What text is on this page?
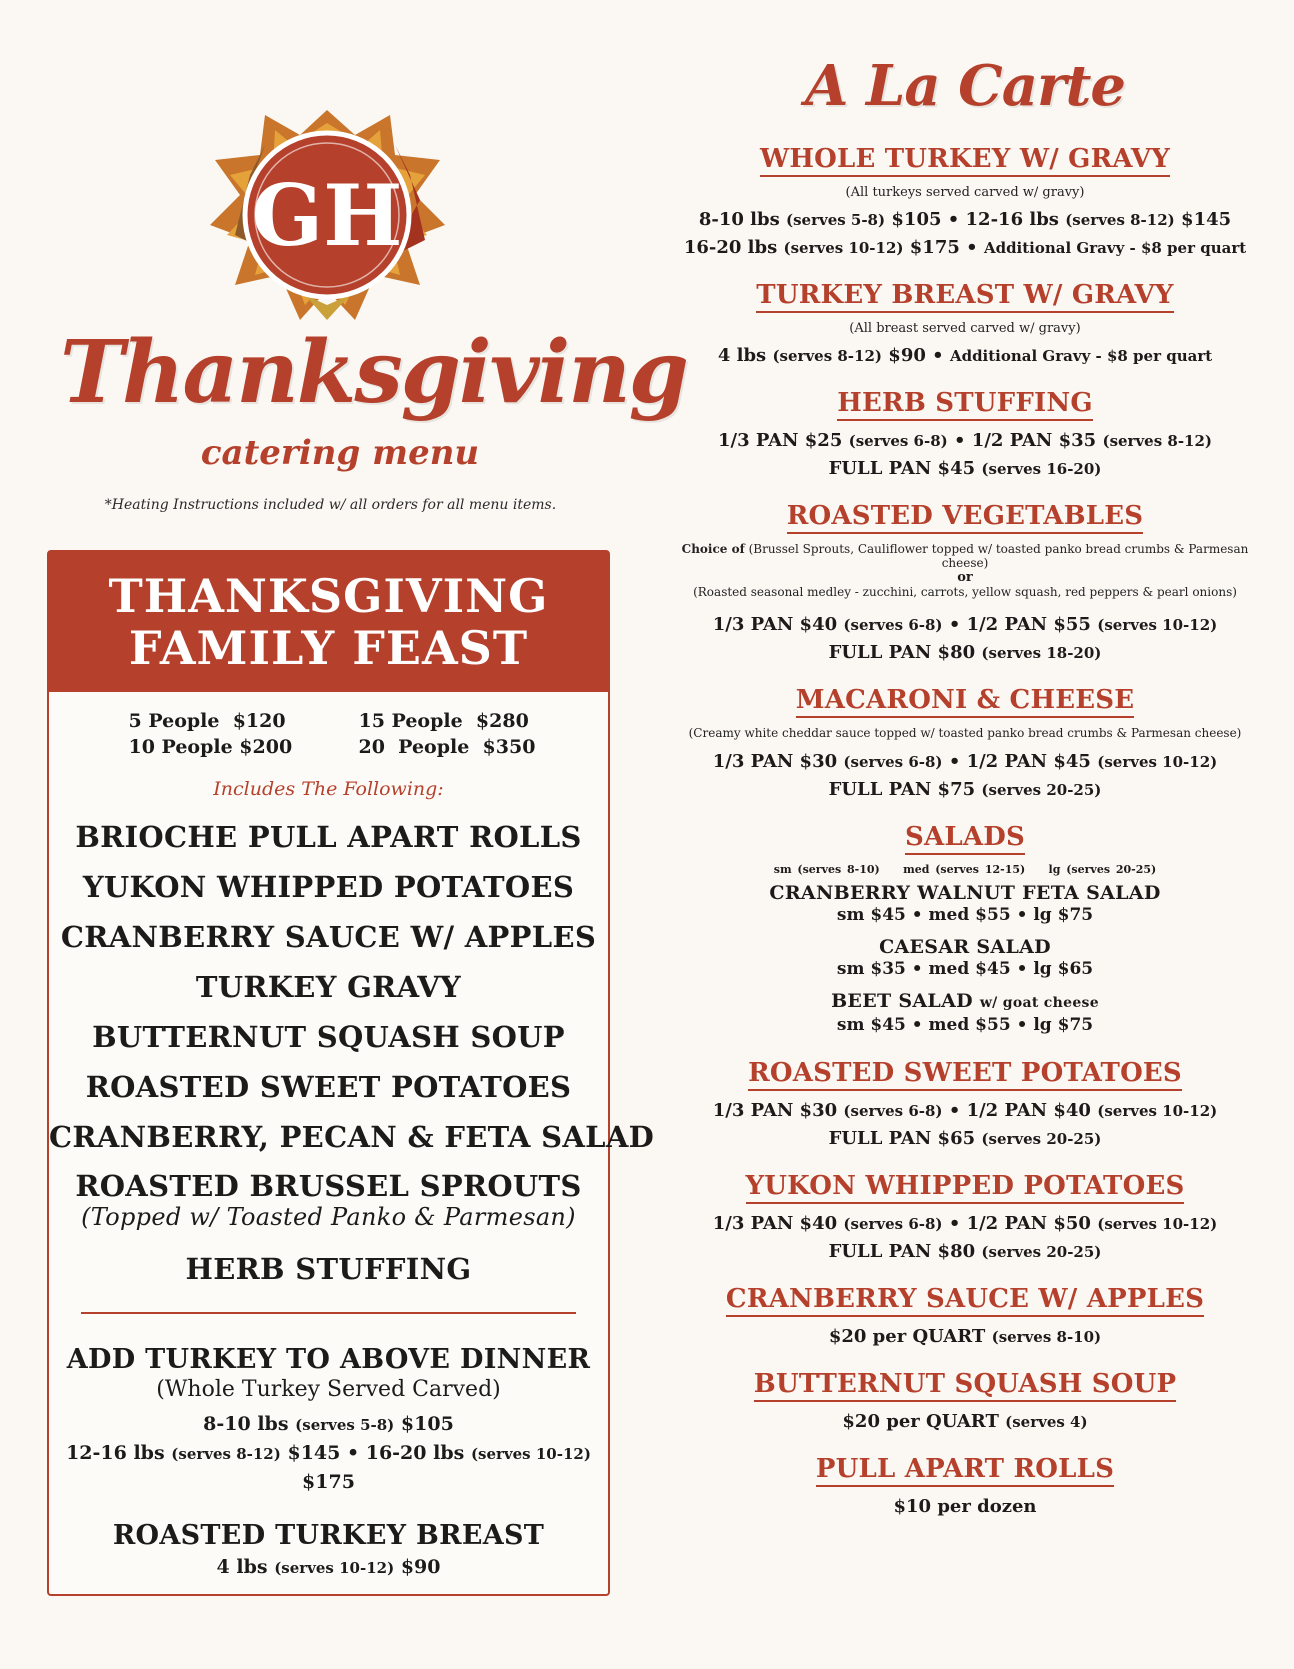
GH
Thanksgiving
catering menu
*Heating Instructions included w/ all orders for all menu items.
THANKSGIVING
FAMILY FEAST
5 People  $120	15 People  $280
10 People $200	20  People  $350
Includes The Following:
BRIOCHE PULL APART ROLLS
YUKON WHIPPED POTATOES
CRANBERRY SAUCE W/ APPLES
TURKEY GRAVY
BUTTERNUT SQUASH SOUP
ROASTED SWEET POTATOES
CRANBERRY, PECAN & FETA SALAD
ROASTED BRUSSEL SPROUTS
(Topped w/ Toasted Panko & Parmesan)
HERB STUFFING
ADD TURKEY TO ABOVE DINNER
(Whole Turkey Served Carved)
8-10 lbs (serves 5-8) $105
12-16 lbs (serves 8-12) $145 • 16-20 lbs (serves 10-12) $175
ROASTED TURKEY BREAST
4 lbs (serves 10-12) $90
A La Carte
WHOLE TURKEY W/ GRAVY
(All turkeys served carved w/ gravy)
8-10 lbs (serves 5-8) $105 • 12-16 lbs (serves 8-12) $145
16-20 lbs (serves 10-12) $175 • Additional Gravy - $8 per quart
TURKEY BREAST W/ GRAVY
(All breast served carved w/ gravy)
4 lbs (serves 8-12) $90 • Additional Gravy - $8 per quart
HERB STUFFING
1/3 PAN $25 (serves 6-8) • 1/2 PAN $35 (serves 8-12)
FULL PAN $45 (serves 16-20)
ROASTED VEGETABLES
Choice of (Brussel Sprouts, Cauliflower topped w/ toasted panko bread crumbs & Parmesan cheese)
or
(Roasted seasonal medley - zucchini, carrots, yellow squash, red peppers & pearl onions)
1/3 PAN $40 (serves 6-8) • 1/2 PAN $55 (serves 10-12)
FULL PAN $80 (serves 18-20)
MACARONI & CHEESE
(Creamy white cheddar sauce topped w/ toasted panko bread crumbs & Parmesan cheese)
1/3 PAN $30 (serves 6-8) • 1/2 PAN $45 (serves 10-12)
FULL PAN $75 (serves 20-25)
SALADS
sm (serves 8-10)    med (serves 12-15)    lg (serves 20-25)
CRANBERRY WALNUT FETA SALAD
sm $45 • med $55 • lg $75
CAESAR SALAD
sm $35 • med $45 • lg $65
BEET SALAD w/ goat cheese
sm $45 • med $55 • lg $75
ROASTED SWEET POTATOES
1/3 PAN $30 (serves 6-8) • 1/2 PAN $40 (serves 10-12)
FULL PAN $65 (serves 20-25)
YUKON WHIPPED POTATOES
1/3 PAN $40 (serves 6-8) • 1/2 PAN $50 (serves 10-12)
FULL PAN $80 (serves 20-25)
CRANBERRY SAUCE W/ APPLES
$20 per QUART (serves 8-10)
BUTTERNUT SQUASH SOUP
$20 per QUART (serves 4)
PULL APART ROLLS
$10 per dozen
